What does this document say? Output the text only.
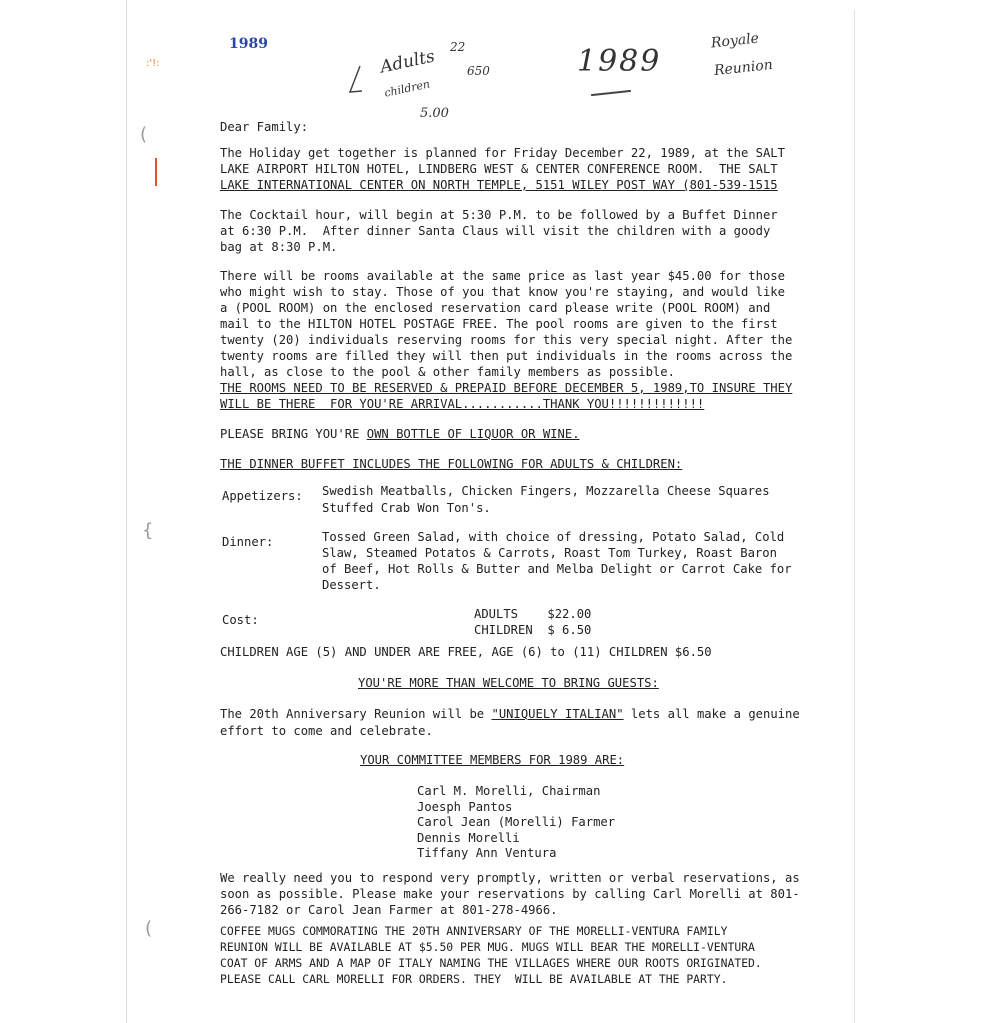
:'!:
(
{
(
1989
Adults
children
22
650
5.00
1989
Royale
Reunion
Dear Family:
The Holiday get together is planned for Friday December 22, 1989, at the SALT
LAKE AIRPORT HILTON HOTEL, LINDBERG WEST & CENTER CONFERENCE ROOM.  THE SALT
LAKE INTERNATIONAL CENTER ON NORTH TEMPLE, 5151 WILEY POST WAY (801-539-1515
The Cocktail hour, will begin at 5:30 P.M. to be followed by a Buffet Dinner
at 6:30 P.M.  After dinner Santa Claus will visit the children with a goody
bag at 8:30 P.M.
There will be rooms available at the same price as last year $45.00 for those
who might wish to stay. Those of you that know you're staying, and would like
a (POOL ROOM) on the enclosed reservation card please write (POOL ROOM) and
mail to the HILTON HOTEL POSTAGE FREE. The pool rooms are given to the first
twenty (20) individuals reserving rooms for this very special night. After the
twenty rooms are filled they will then put individuals in the rooms across the
hall, as close to the pool & other family members as possible.
THE ROOMS NEED TO BE RESERVED & PREPAID BEFORE DECEMBER 5, 1989,TO INSURE THEY
WILL BE THERE  FOR YOU'RE ARRIVAL...........THANK YOU!!!!!!!!!!!!!
PLEASE BRING YOU'RE OWN BOTTLE OF LIQUOR OR WINE.
THE DINNER BUFFET INCLUDES THE FOLLOWING FOR ADULTS & CHILDREN:
Appetizers: Swedish Meatballs, Chicken Fingers, Mozzarella Cheese Squares
Stuffed Crab Won Ton's.
Dinner:	Tossed Green Salad, with choice of dressing, Potato Salad, Cold
Slaw, Steamed Potatos & Carrots, Roast Tom Turkey, Roast Baron
of Beef, Hot Rolls & Butter and Melba Delight or Carrot Cake for
Dessert.
Cost:	ADULTS    $22.00
CHILDREN  $ 6.50
CHILDREN AGE (5) AND UNDER ARE FREE, AGE (6) to (11) CHILDREN $6.50
YOU'RE MORE THAN WELCOME TO BRING GUESTS:
The 20th Anniversary Reunion will be "UNIQUELY ITALIAN" lets all make a genuine
effort to come and celebrate.
YOUR COMMITTEE MEMBERS FOR 1989 ARE:
Carl M. Morelli, Chairman
Joesph Pantos
Carol Jean (Morelli) Farmer
Dennis Morelli
Tiffany Ann Ventura
We really need you to respond very promptly, written or verbal reservations, as
soon as possible. Please make your reservations by calling Carl Morelli at 801-
266-7182 or Carol Jean Farmer at 801-278-4966.
COFFEE MUGS COMMORATING THE 20TH ANNIVERSARY OF THE MORELLI-VENTURA FAMILY
REUNION WILL BE AVAILABLE AT $5.50 PER MUG. MUGS WILL BEAR THE MORELLI-VENTURA
COAT OF ARMS AND A MAP OF ITALY NAMING THE VILLAGES WHERE OUR ROOTS ORIGINATED.
PLEASE CALL CARL MORELLI FOR ORDERS. THEY  WILL BE AVAILABLE AT THE PARTY.
